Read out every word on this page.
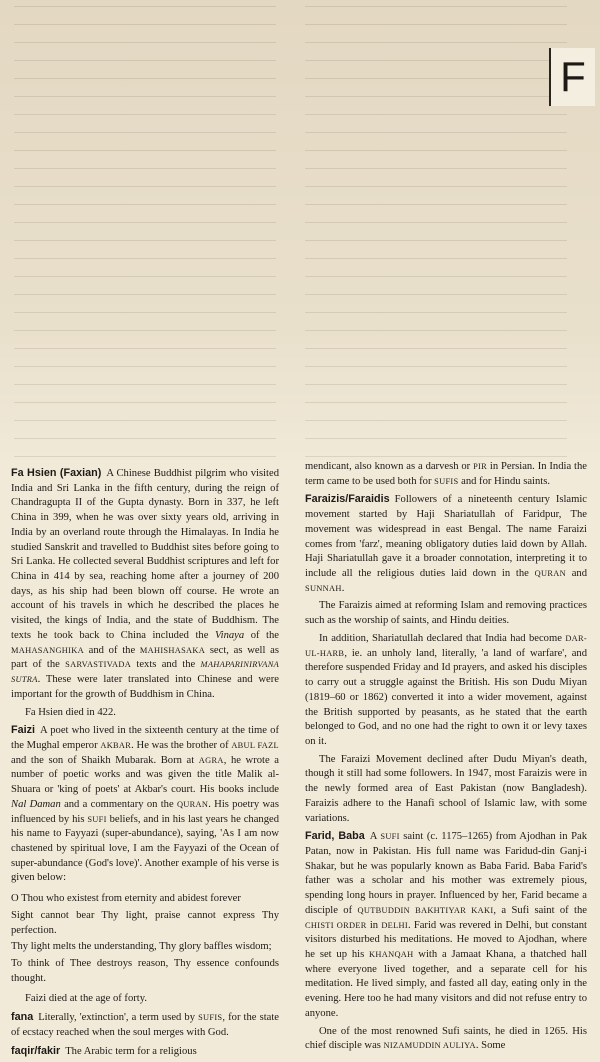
F

Fa Hsien (Faxian) A Chinese Buddhist pilgrim who visited India and Sri Lanka in the fifth century, during the reign of Chandragupta II of the Gupta dynasty. Born in 337, he left China in 399, when he was over sixty years old, arriving in India by an overland route through the Himalayas. In India he studied Sanskrit and travelled to Buddhist sites before going to Sri Lanka. He collected several Buddhist scriptures and left for China in 414 by sea, reaching home after a journey of 200 days, as his ship had been blown off course. He wrote an account of his travels in which he described the places he visited, the kings of India, and the state of Buddhism. The texts he took back to China included the Vinaya of the MAHASANGHIKA and of the MAHISHASAKA sect, as well as part of the SARVASTIVADA texts and the MAHAPARINIRVANA SUTRA. These were later translated into Chinese and were important for the growth of Buddhism in China.

Fa Hsien died in 422.

Faizi A poet who lived in the sixteenth century at the time of the Mughal emperor AKBAR. He was the brother of ABUL FAZL and the son of Shaikh Mubarak. Born at AGRA, he wrote a number of poetic works and was given the title Malik al-Shuara or 'king of poets' at Akbar's court. His books include Nal Daman and a commentary on the QURAN. His poetry was influenced by his SUFI beliefs, and in his last years he changed his name to Fayyazi (super-abundance), saying, 'As I am now chastened by spiritual love, I am the Fayyazi of the Ocean of super-abundance (God's love)'. Another example of his verse is given below:

O Thou who existest from eternity and abidest forever
Sight cannot bear Thy light, praise cannot express Thy perfection.
Thy light melts the understanding, Thy glory baffles wisdom;
To think of Thee destroys reason, Thy essence confounds thought.

Faizi died at the age of forty.

fana Literally, 'extinction', a term used by SUFIS, for the state of ecstacy reached when the soul merges with God.

faqir/fakir The Arabic term for a religious

mendicant, also known as a darvesh or PIR in Persian. In India the term came to be used both for SUFIS and for Hindu saints.

Faraizis/Faraidis Followers of a nineteenth century Islamic movement started by Haji Shariatullah of Faridpur, The movement was widespread in east Bengal. The name Faraizi comes from 'farz', meaning obligatory duties laid down by Allah. Haji Shariatullah gave it a broader connotation, interpreting it to include all the religious duties laid down in the QURAN and SUNNAH.

The Faraizis aimed at reforming Islam and removing practices such as the worship of saints, and Hindu deities.

In addition, Shariatullah declared that India had become DAR-UL-HARB, ie. an unholy land, literally, 'a land of warfare', and therefore suspended Friday and Id prayers, and asked his disciples to carry out a struggle against the British. His son Dudu Miyan (1819–60 or 1862) converted it into a wider movement, against the British supported by peasants, as he stated that the earth belonged to God, and no one had the right to own it or levy taxes on it.

The Faraizi Movement declined after Dudu Miyan's death, though it still had some followers. In 1947, most Faraizis were in the newly formed area of East Pakistan (now Bangladesh). Faraizis adhere to the Hanafi school of Islamic law, with some variations.

Farid, Baba A SUFI saint (c. 1175–1265) from Ajodhan in Pak Patan, now in Pakistan. His full name was Faridud-din Ganj-i Shakar, but he was popularly known as Baba Farid. Baba Farid's father was a scholar and his mother was extremely pious, spending long hours in prayer. Influenced by her, Farid became a disciple of QUTBUDDIN BAKHTIYAR KAKI, a Sufi saint of the CHISTI ORDER in DELHI. Farid was revered in Delhi, but constant visitors disturbed his meditations. He moved to Ajodhan, where he set up his KHANQAH with a Jamaat Khana, a thatched hall where everyone lived together, and a separate cell for his meditation. He lived simply, and fasted all day, eating only in the evening. Here too he had many visitors and did not refuse entry to anyone.

One of the most renowned Sufi saints, he died in 1265. His chief disciple was NIZAMUDDIN AULIYA. Some
